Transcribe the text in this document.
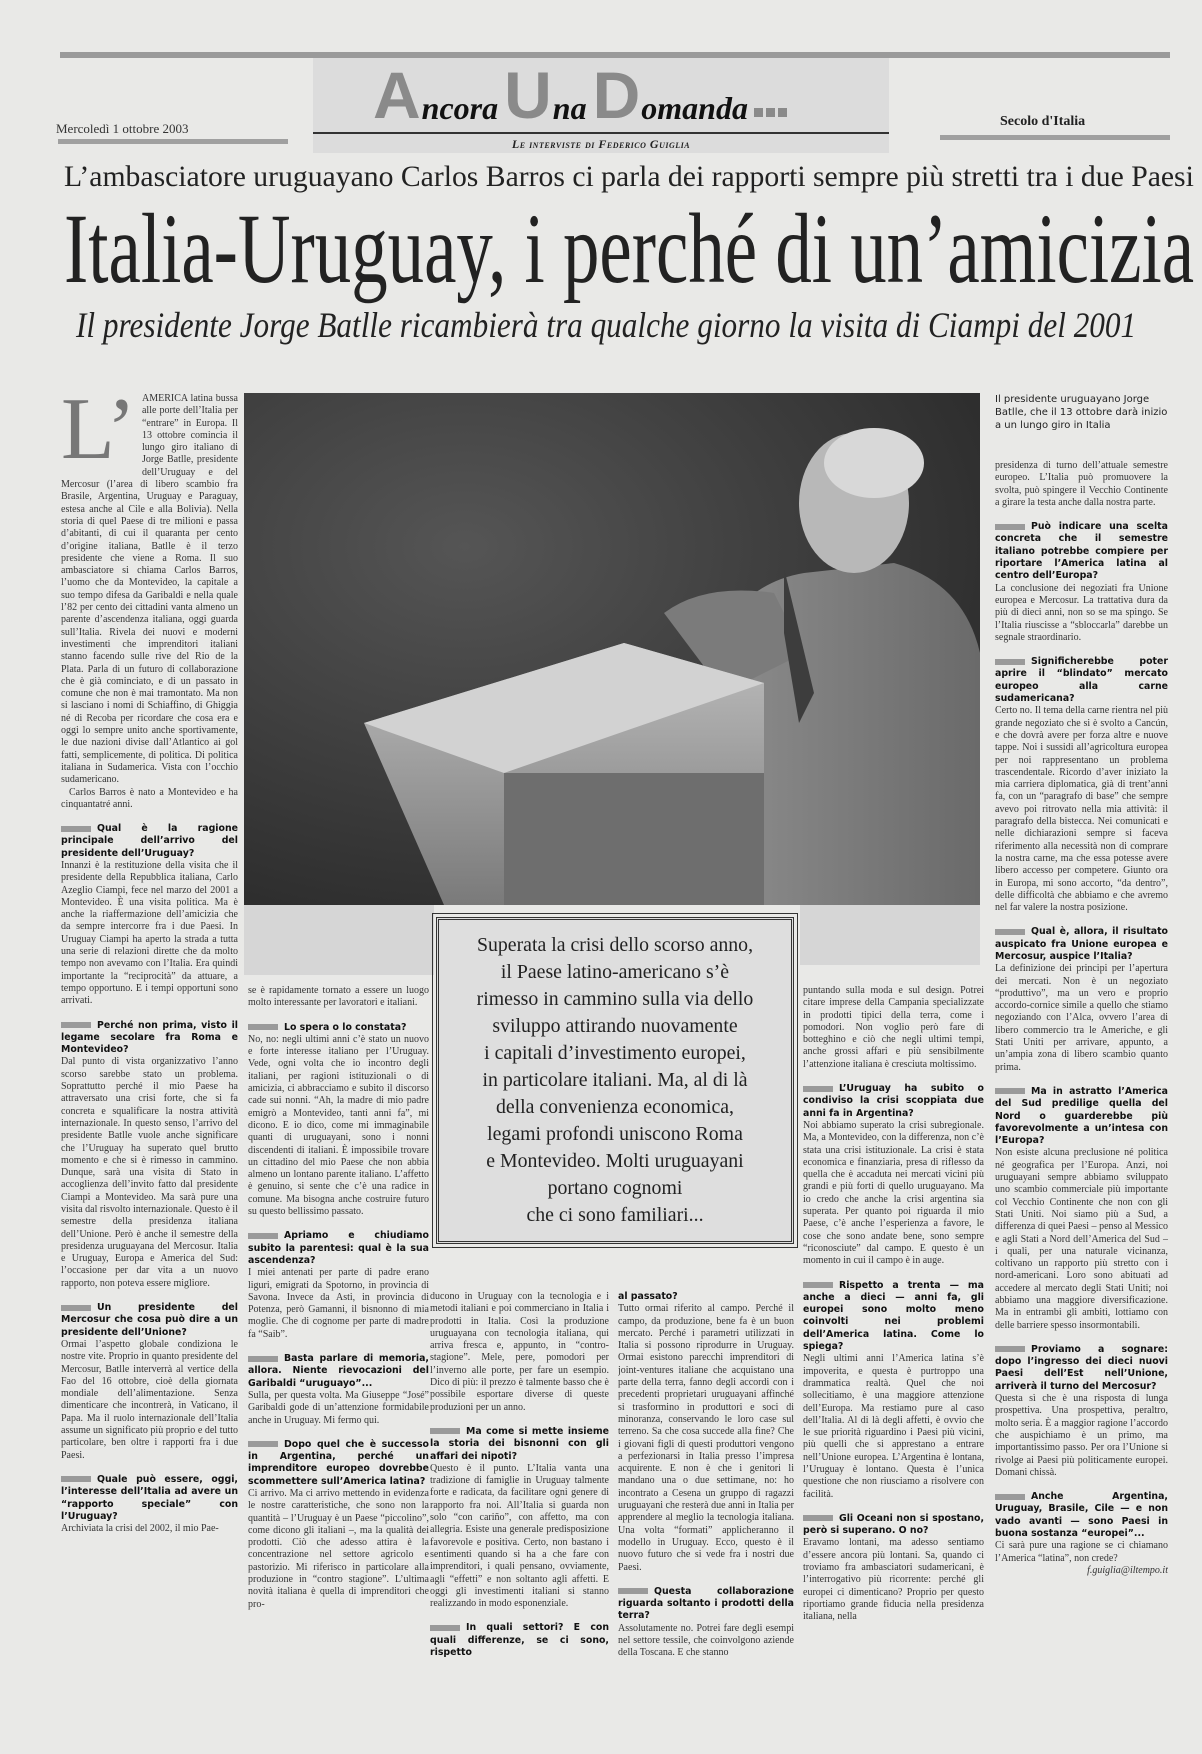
AncoraUnaDomanda
Le interviste di Federico Guiglia
Mercoledì 1 ottobre 2003	Secolo d'Italia
L’ambasciatore uruguayano Carlos Barros ci parla dei rapporti sempre più stretti tra i due Paesi
Italia-Uruguay, i perché di un’amicizia
Il presidente Jorge Batlle ricambierà tra qualche giorno la visita di Ciampi del 2001
Superata la crisi dello scorso anno,
il Paese latino-americano s’è
rimesso in cammino sulla via dello
sviluppo attirando nuovamente
i capitali d’investimento europei,
in particolare italiani. Ma, al di là
della convenienza economica,
legami profondi uniscono Roma
e Montevideo. Molti uruguayani
portano cognomi
che ci sono familiari...
L’ AMERICA latina bussa alle porte dell’Italia per “entrare” in Europa. Il 13 ottobre comincia il lungo giro italiano di Jorge Batlle, presidente dell’Uruguay e del Mercosur (l’area di libero scambio fra Brasile, Argentina, Uruguay e Paraguay, estesa anche al Cile e alla Bolivia). Nella storia di quel Paese di tre milioni e passa d’abitanti, di cui il quaranta per cento d’origine italiana, Batlle è il terzo presidente che viene a Roma. Il suo ambasciatore si chiama Carlos Barros, l’uomo che da Montevideo, la capitale a suo tempo difesa da Garibaldi e nella quale l’82 per cento dei cittadini vanta almeno un parente d’ascendenza italiana, oggi guarda sull’Italia. Rivela dei nuovi e moderni investimenti che imprenditori italiani stanno facendo sulle rive del Rio de la Plata. Parla di un futuro di collaborazione che è già cominciato, e di un passato in comune che non è mai tramontato. Ma non si lasciano i nomi di Schiaffino, di Ghiggia né di Recoba per ricordare che cosa era e oggi lo sempre unito anche sportivamente, le due nazioni divise dall’Atlantico ai gol fatti, semplicemente, di politica. Di politica italiana in Sudamerica. Vista con l’occhio sudamericano.

Carlos Barros è nato a Montevideo e ha cinquantatré anni.

Qual è la ragione principale dell’arrivo del presidente dell’Uruguay?

Innanzi è la restituzione della visita che il presidente della Repubblica italiana, Carlo Azeglio Ciampi, fece nel marzo del 2001 a Montevideo. È una visita politica. Ma è anche la riaffermazione dell’amicizia che da sempre intercorre fra i due Paesi. In Uruguay Ciampi ha aperto la strada a tutta una serie di relazioni dirette che da molto tempo non avevamo con l’Italia. Era quindi importante la “reciprocità” da attuare, a tempo opportuno. E i tempi opportuni sono arrivati.

Perché non prima, visto il legame secolare fra Roma e Montevideo?

Dal punto di vista organizzativo l’anno scorso sarebbe stato un problema. Soprattutto perché il mio Paese ha attraversato una crisi forte, che si fa concreta e squalificare la nostra attività internazionale. In questo senso, l’arrivo del presidente Batlle vuole anche significare che l’Uruguay ha superato quel brutto momento e che si è rimesso in cammino. Dunque, sarà una visita di Stato in accoglienza dell’invito fatto dal presidente Ciampi a Montevideo. Ma sarà pure una visita dal risvolto internazionale. Questo è il semestre della presidenza italiana dell’Unione. Però è anche il semestre della presidenza uruguayana del Mercosur. Italia e Uruguay, Europa e America del Sud: l’occasione per dar vita a un nuovo rapporto, non poteva essere migliore.

Un presidente del Mercosur che cosa può dire a un presidente dell’Unione?

Ormai l’aspetto globale condiziona le nostre vite. Proprio in quanto presidente del Mercosur, Batlle interverrà al vertice della Fao del 16 ottobre, cioè della giornata mondiale dell’alimentazione. Senza dimenticare che incontrerà, in Vaticano, il Papa. Ma il ruolo internazionale dell’Italia assume un significato più proprio e del tutto particolare, ben oltre i rapporti fra i due Paesi.

Quale può essere, oggi, l’interesse dell’Italia ad avere un “rapporto speciale” con l’Uruguay?

Archiviata la crisi del 2002, il mio Pae-

se è rapidamente tornato a essere un luogo molto interessante per lavoratori e italiani.

Lo spera o lo constata?

No, no: negli ultimi anni c’è stato un nuovo e forte interesse italiano per l’Uruguay. Vede, ogni volta che io incontro degli italiani, per ragioni istituzionali o di amicizia, ci abbracciamo e subito il discorso cade sui nonni. “Ah, la madre di mio padre emigrò a Montevideo, tanti anni fa”, mi dicono. E io dico, come mi immaginabile quanti di uruguayani, sono i nonni discendenti di italiani. È impossibile trovare un cittadino del mio Paese che non abbia almeno un lontano parente italiano. L’affetto è genuino, si sente che c’è una radice in comune. Ma bisogna anche costruire futuro su questo bellissimo passato.

Apriamo e chiudiamo subito la parentesi: qual è la sua ascendenza?

I miei antenati per parte di padre erano liguri, emigrati da Spotorno, in provincia di Savona. Invece da Asti, in provincia di Potenza, però Gamanni, il bisnonno di mia moglie. Che di cognome per parte di madre fa “Saib”.

Basta parlare di memoria, allora. Niente rievocazioni del Garibaldi “uruguayo”...

Sulla, per questa volta. Ma Giuseppe “José” Garibaldi gode di un’attenzione formidabile anche in Uruguay. Mi fermo qui.

Dopo quel che è successo in Argentina, perché un imprenditore europeo dovrebbe scommettere sull’America latina?

Ci arrivo. Ma ci arrivo mettendo in evidenza le nostre caratteristiche, che sono non la quantità – l’Uruguay è un Paese “piccolino”, come dicono gli italiani –, ma la qualità dei prodotti. Ciò che adesso attira è la concentrazione nel settore agricolo e pastorizio. Mi riferisco in particolare alla produzione in “contro stagione”. L’ultima novità italiana è quella di imprenditori che pro-

ducono in Uruguay con la tecnologia e i metodi italiani e poi commerciano in Italia i prodotti in Italia. Così la produzione uruguayana con tecnologia italiana, qui arriva fresca e, appunto, in “contro-stagione”. Mele, pere, pomodori per l’inverno alle porte, per fare un esempio. Dico di più: il prezzo è talmente basso che è possibile esportare diverse di queste produzioni per un anno.

Ma come si mette insieme la storia dei bisnonni con gli affari dei nipoti?

Questo è il punto. L’Italia vanta una tradizione di famiglie in Uruguay talmente forte e radicata, da facilitare ogni genere di rapporto fra noi. All’Italia si guarda non solo “con cariño”, con affetto, ma con allegria. Esiste una generale predisposizione favorevole e positiva. Certo, non bastano i sentimenti quando si ha a che fare con imprenditori, i quali pensano, ovviamente, agli “effetti” e non soltanto agli affetti. E oggi gli investimenti italiani si stanno realizzando in modo esponenziale.

In quali settori? E con quali differenze, se ci sono, rispetto
al passato?

Tutto ormai riferito al campo. Perché il campo, da produzione, bene fa è un buon mercato. Perché i parametri utilizzati in Italia si possono riprodurre in Uruguay. Ormai esistono parecchi imprenditori di joint-ventures italiane che acquistano una parte della terra, fanno degli accordi con i precedenti proprietari uruguayani affinché si trasformino in produttori e soci di minoranza, conservando le loro case sul terreno. Sa che cosa succede alla fine? Che i giovani figli di questi produttori vengono a perfezionarsi in Italia presso l’impresa acquirente. E non è che i genitori li mandano una o due settimane, no: ho incontrato a Cesena un gruppo di ragazzi uruguayani che resterà due anni in Italia per apprendere al meglio la tecnologia italiana. Una volta “formati” applicheranno il modello in Uruguay. Ecco, questo è il nuovo futuro che si vede fra i nostri due Paesi.

Questa collaborazione riguarda soltanto i prodotti della terra?

Assolutamente no. Potrei fare degli esempi nel settore tessile, che coinvolgono aziende della Toscana. E che stanno

puntando sulla moda e sul design. Potrei citare imprese della Campania specializzate in prodotti tipici della terra, come i pomodori. Non voglio però fare di botteghino e ciò che negli ultimi tempi, anche grossi affari e più sensibilmente l’attenzione italiana è cresciuta moltissimo.

L’Uruguay ha subito o condiviso la crisi scoppiata due anni fa in Argentina?

Noi abbiamo superato la crisi subregionale. Ma, a Montevideo, con la differenza, non c’è stata una crisi istituzionale. La crisi è stata economica e finanziaria, presa di riflesso da quella che è accaduta nei mercati vicini più grandi e più forti di quello uruguayano. Ma io credo che anche la crisi argentina sia superata. Per quanto poi riguarda il mio Paese, c’è anche l’esperienza a favore, le cose che sono andate bene, sono sempre “riconosciute” dal campo. E questo è un momento in cui il campo è in auge.

Rispetto a trenta — ma anche a dieci — anni fa, gli europei sono molto meno coinvolti nei problemi dell’America latina. Come lo spiega?

Negli ultimi anni l’America latina s’è impoverita, e questa è purtroppo una drammatica realtà. Quel che noi sollecitiamo, è una maggiore attenzione dell’Europa. Ma restiamo pure al caso dell’Italia. Al di là degli affetti, è ovvio che le sue priorità riguardino i Paesi più vicini, più quelli che si apprestano a entrare nell’Unione europea. L’Argentina è lontana, l’Uruguay è lontano. Questa è l’unica questione che non riusciamo a risolvere con facilità.

Gli Oceani non si spostano, però si superano. O no?

Eravamo lontani, ma adesso sentiamo d’essere ancora più lontani. Sa, quando ci troviamo fra ambasciatori sudamericani, è l’interrogativo più ricorrente: perché gli europei ci dimenticano? Proprio per questo riportiamo grande fiducia nella presidenza italiana, nella

Il presidente uruguayano Jorge Batlle, che il 13 ottobre darà inizio a un lungo giro in Italia

presidenza di turno dell’attuale semestre europeo. L’Italia può promuovere la svolta, può spingere il Vecchio Continente a girare la testa anche dalla nostra parte.

Può indicare una scelta concreta che il semestre italiano potrebbe compiere per riportare l’America latina al centro dell’Europa?

La conclusione dei negoziati fra Unione europea e Mercosur. La trattativa dura da più di dieci anni, non so se ma spingo. Se l’Italia riuscisse a “sbloccarla” darebbe un segnale straordinario.

Significherebbe poter aprire il “blindato” mercato europeo alla carne sudamericana?

Certo no. Il tema della carne rientra nel più grande negoziato che si è svolto a Cancún, e che dovrà avere per forza altre e nuove tappe. Noi i sussidi all’agricoltura europea per noi rappresentano un problema trascendentale. Ricordo d’aver iniziato la mia carriera diplomatica, già di trent’anni fa, con un “paragrafo di base” che sempre avevo poi ritrovato nella mia attività: il paragrafo della bistecca. Nei comunicati e nelle dichiarazioni sempre si faceva riferimento alla necessità non di comprare la nostra carne, ma che essa potesse avere libero accesso per competere. Giunto ora in Europa, mi sono accorto, “da dentro”, delle difficoltà che abbiamo e che avremo nel far valere la nostra posizione.

Qual è, allora, il risultato auspicato fra Unione europea e Mercosur, auspice l’Italia?

La definizione dei principi per l’apertura dei mercati. Non è un negoziato “produttivo”, ma un vero e proprio accordo-cornice simile a quello che stiamo negoziando con l’Alca, ovvero l’area di libero commercio tra le Americhe, e gli Stati Uniti per arrivare, appunto, a un’ampia zona di libero scambio quanto prima.

Ma in astratto l’America del Sud predilige quella del Nord o guarderebbe più favorevolmente a un’intesa con l’Europa?

Non esiste alcuna preclusione né politica né geografica per l’Europa. Anzi, noi uruguayani sempre abbiamo sviluppato uno scambio commerciale più importante col Vecchio Continente che non con gli Stati Uniti. Noi siamo più a Sud, a differenza di quei Paesi – penso al Messico e agli Stati a Nord dell’America del Sud – i quali, per una naturale vicinanza, coltivano un rapporto più stretto con i nord-americani. Loro sono abituati ad accedere al mercato degli Stati Uniti; noi abbiamo una maggiore diversificazione. Ma in entrambi gli ambiti, lottiamo con delle barriere spesso insormontabili.

Proviamo a sognare: dopo l’ingresso dei dieci nuovi Paesi dell’Est nell’Unione, arriverà il turno del Mercosur?

Questa sì che è una risposta di lunga prospettiva. Una prospettiva, peraltro, molto seria. È a maggior ragione l’accordo che auspichiamo è un primo, ma importantissimo passo. Per ora l’Unione si rivolge ai Paesi più politicamente europei. Domani chissà.

Anche Argentina, Uruguay, Brasile, Cile — e non vado avanti — sono Paesi in buona sostanza “europei”...

Ci sarà pure una ragione se ci chiamano l’America “latina”, non crede?

f.guiglia@iltempo.it
